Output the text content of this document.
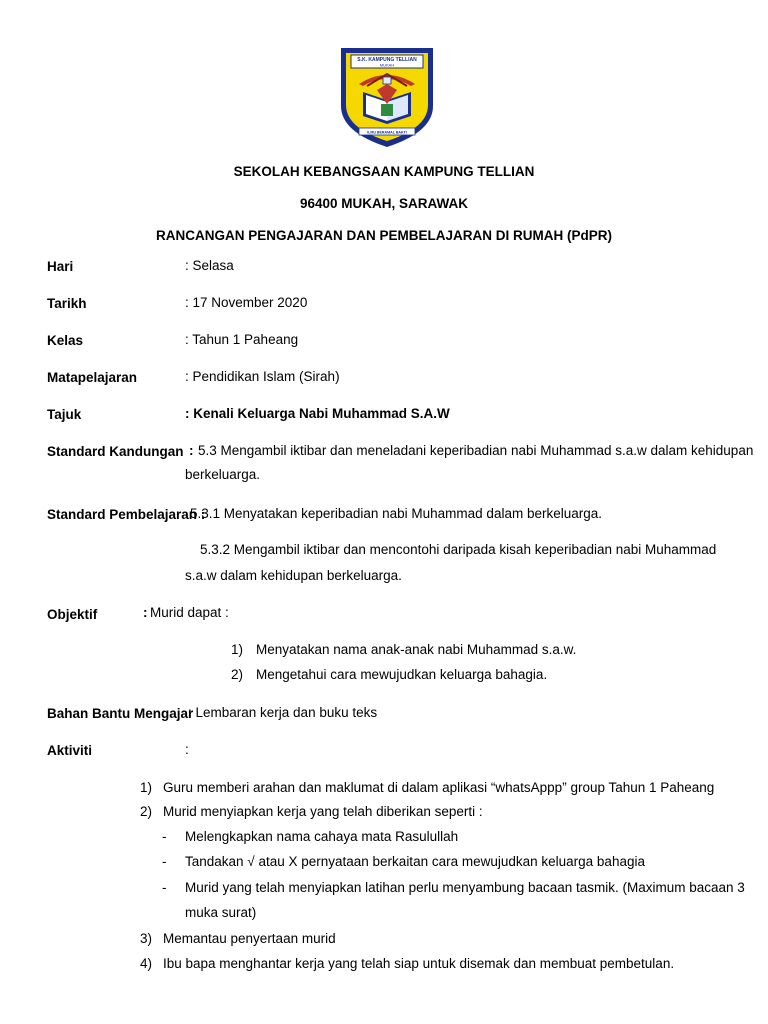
S.K. KAMPUNG TELLIAN
MUKAH
ILMU BERAMAL BAKTI
SEKOLAH KEBANGSAAN KAMPUNG TELLIAN
96400 MUKAH, SARAWAK
RANCANGAN PENGAJARAN DAN PEMBELAJARAN DI RUMAH (PdPR)
Hari	: Selasa
Tarikh	: 17 November 2020
Kelas	: Tahun 1 Paheang
Matapelajaran	: Pendidikan Islam (Sirah)
Tajuk	: Kenali Keluarga Nabi Muhammad S.A.W
Standard Kandungan : 5.3 Mengambil iktibar dan meneladani keperibadian nabi Muhammad s.a.w dalam kehidupan
berkeluarga.
Standard Pembelajaran :
5.3.1 Menyatakan keperibadian nabi Muhammad dalam berkeluarga.
5.3.2 Mengambil iktibar dan mencontohi daripada kisah keperibadian nabi Muhammad
s.a.w dalam kehidupan berkeluarga.
Objektif	: Murid dapat :
1) Menyatakan nama anak-anak nabi Muhammad s.a.w.
2) Mengetahui cara mewujudkan keluarga bahagia.
Bahan Bantu Mengajar
: Lembaran kerja dan buku teks
Aktiviti	:
1) Guru memberi arahan dan maklumat di dalam aplikasi “whatsAppp” group Tahun 1 Paheang
2) Murid menyiapkan kerja yang telah diberikan seperti :
- Melengkapkan nama cahaya mata Rasulullah
- Tandakan √ atau X pernyataan berkaitan cara mewujudkan keluarga bahagia
- Murid yang telah menyiapkan latihan perlu menyambung bacaan tasmik. (Maximum bacaan 3
muka surat)
3) Memantau penyertaan murid
4) Ibu bapa menghantar kerja yang telah siap untuk disemak dan membuat pembetulan.
